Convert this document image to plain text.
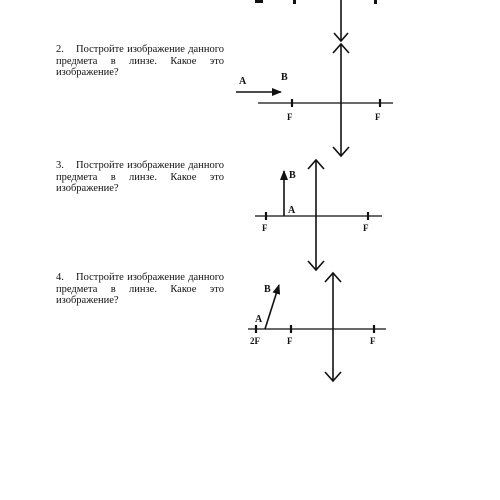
2. Постройте изображение данного предмета в линзе. Какое это изображение?

3. Постройте изображение данного предмета в линзе. Какое это изображение?

4. Постройте изображение данного предмета в линзе. Какое это изображение?

A	B
F	F
B
A
F	F
B
A
2F	F	F
